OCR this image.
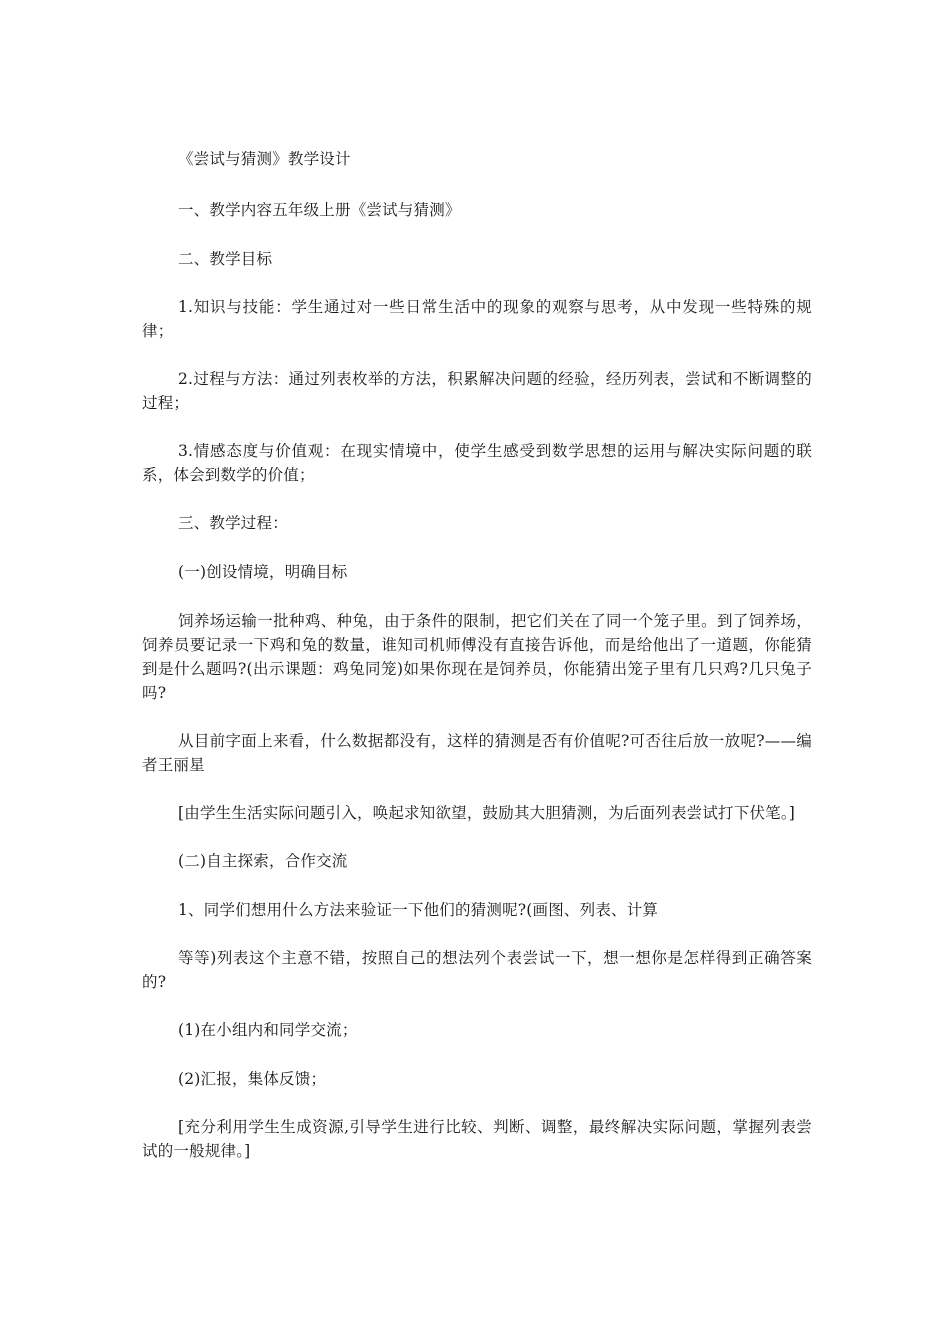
《尝试与猜测》教学设计

一、教学内容五年级上册《尝试与猜测》

二、教学目标

1.知识与技能：学生通过对一些日常生活中的现象的观察与思考，从中发现一些特殊的规律；

2.过程与方法：通过列表枚举的方法，积累解决问题的经验，经历列表，尝试和不断调整的过程；

3.情感态度与价值观：在现实情境中，使学生感受到数学思想的运用与解决实际问题的联系，体会到数学的价值；

三、教学过程：

(一)创设情境，明确目标

饲养场运输一批种鸡、种兔，由于条件的限制，把它们关在了同一个笼子里。到了饲养场，饲养员要记录一下鸡和兔的数量，谁知司机师傅没有直接告诉他，而是给他出了一道题，你能猜到是什么题吗?(出示课题：鸡兔同笼)如果你现在是饲养员，你能猜出笼子里有几只鸡?几只兔子吗?

从目前字面上来看，什么数据都没有，这样的猜测是否有价值呢?可否往后放一放呢?——编者王丽星

[由学生生活实际问题引入，唤起求知欲望，鼓励其大胆猜测，为后面列表尝试打下伏笔。]

(二)自主探索，合作交流

1、同学们想用什么方法来验证一下他们的猜测呢?(画图、列表、计算

等等)列表这个主意不错，按照自己的想法列个表尝试一下，想一想你是怎样得到正确答案的?

(1)在小组内和同学交流；

(2)汇报，集体反馈；

[充分利用学生生成资源,引导学生进行比较、判断、调整，最终解决实际问题，掌握列表尝试的一般规律。]
